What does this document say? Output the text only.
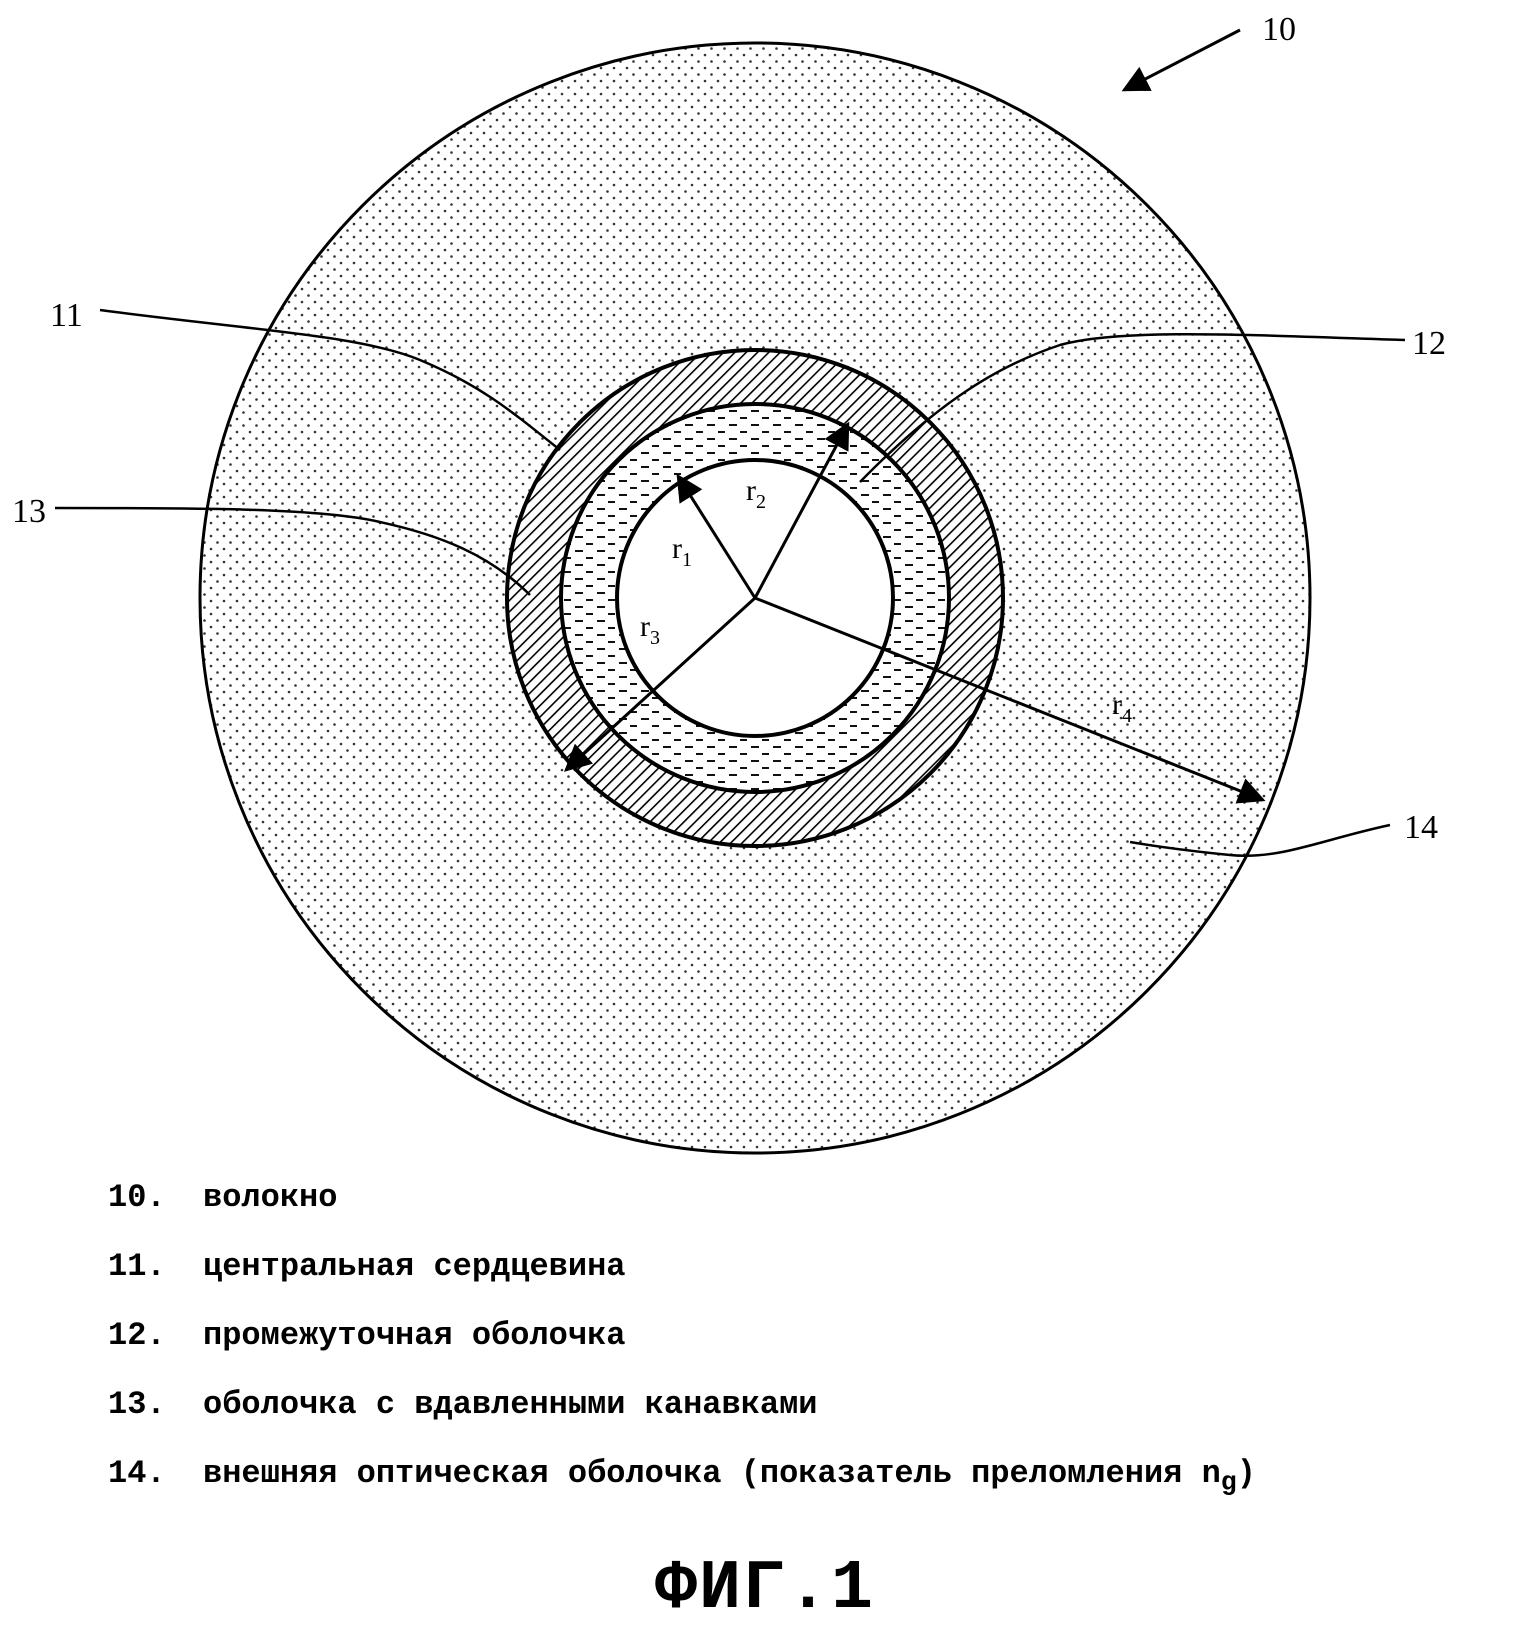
$r_1$
$r_2$
$r_3$
$r_4$
10
11
12
13
14
10. волокно
11. центральная сердцевина
12. промежуточная оболочка
13. оболочка с вдавленными канавками
14. внешняя оптическая оболочка (показатель преломления $n_g$)
ФИГ.1
